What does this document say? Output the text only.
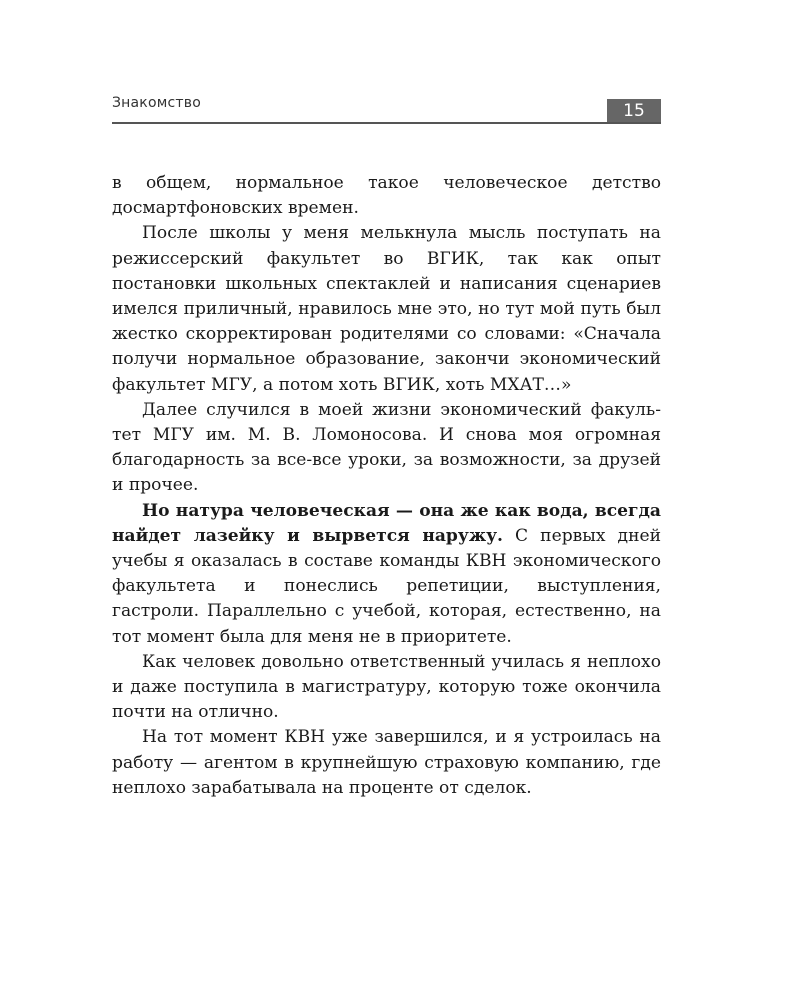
Знакомство	15

в общем, нормальное такое человеческое детство досмартфоновских времен.

После школы у меня мелькнула мысль поступать на режиссерский факультет во ВГИК, так как опыт постановки школьных спектаклей и написания сценариев имелся приличный, нравилось мне это, но тут мой путь был жестко скорректирован родителями со словами: «Сначала получи нормальное образование, закончи экономический факультет МГУ, а потом хоть ВГИК, хоть МХАТ…»

Далее случился в моей жизни экономический факультет МГУ им. М. В. Ломоносова. И снова моя огромная благодарность за все-все уроки, за возможности, за друзей и прочее.

Но натура человеческая — она же как вода, всегда найдет лазейку и вырвется наружу. С первых дней учебы я оказалась в составе команды КВН экономического факультета и понеслись репетиции, выступления, гастроли. Параллельно с учебой, которая, естественно, на тот момент была для меня не в приоритете.

Как человек довольно ответственный училась я неплохо и даже поступила в магистратуру, которую тоже окончила почти на отлично.

На тот момент КВН уже завершился, и я устроилась на работу — агентом в крупнейшую страховую компанию, где неплохо зарабатывала на проценте от сделок.
